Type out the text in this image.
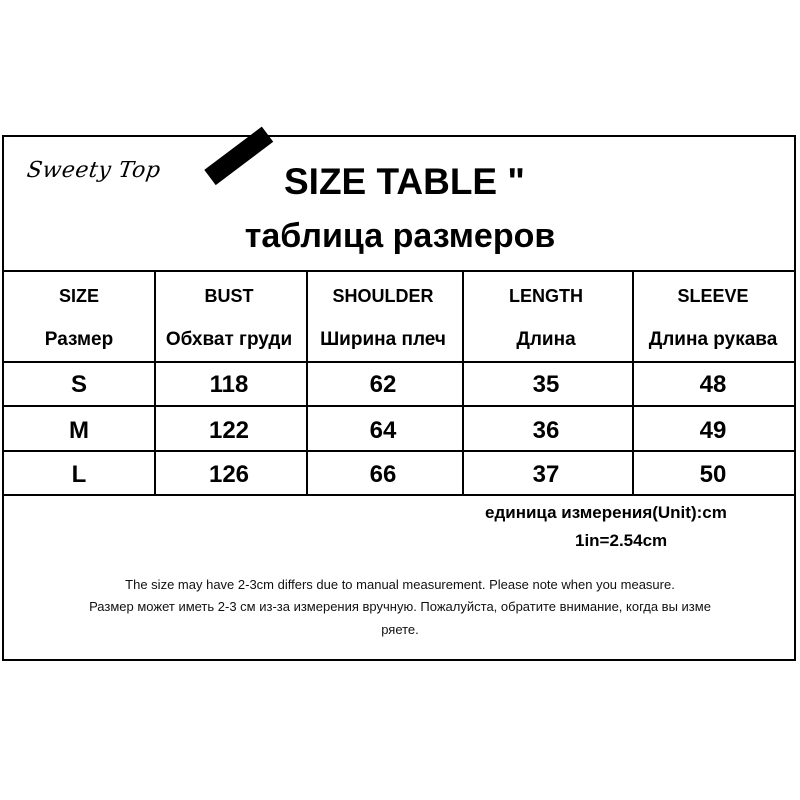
Sweety Top	SIZE TABLE "
таблица размеров
SIZE	BUST	SHOULDER	LENGTH	SLEEVE
Размер	Обхват груди	Ширина плеч	Длина	Длина рукава
S	118	62	35	48
M	122	64	36	49
L	126	66	37	50
единица измерения(Unit):cm
1in=2.54cm
The size may have 2-3cm differs due to manual measurement. Please note when you measure.
Размер может иметь 2-3 см из-за измерения вручную. Пожалуйста, обратите внимание, когда вы изме
ряете.
